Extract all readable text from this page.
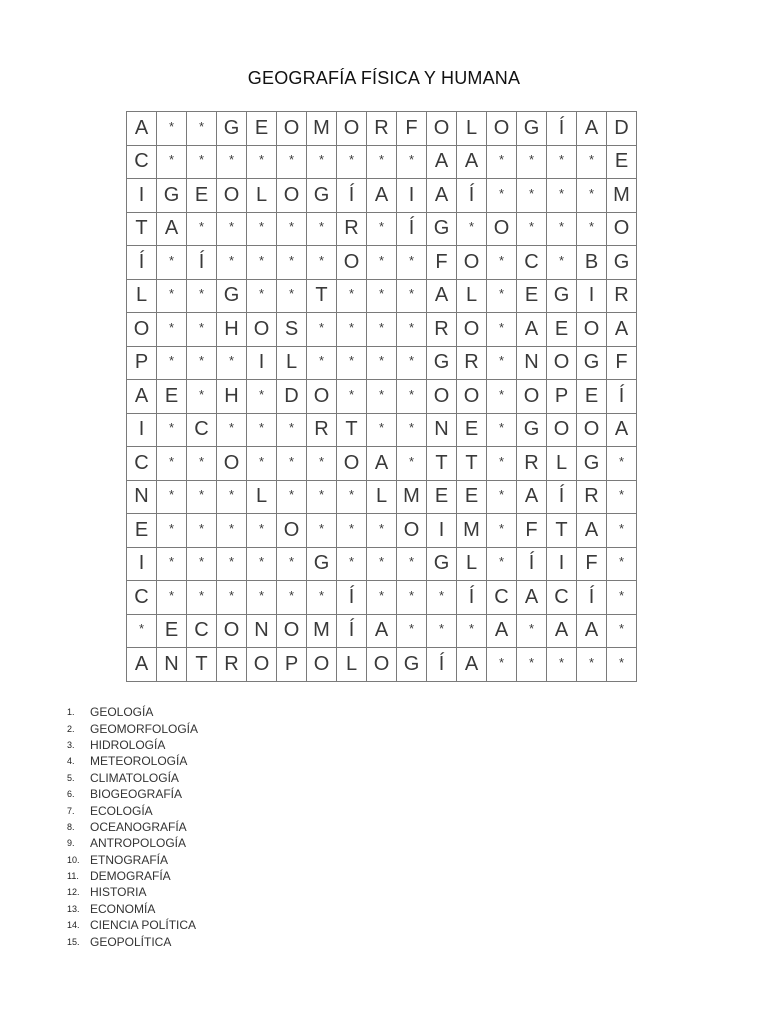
GEOGRAFÍA FÍSICA Y HUMANA
A	*	* G E O M O R F O L O G Í	A D
C	*	*	*	*	*	*	*	*	*	A A	*	*	*	*	E
I G E O L O G Í	A	I	A	Í	*	*	*	* M
T A	*	*	*	*	*	R	*	Í G	* O	*	*	* O
Í	*	Í	*	*	*	* O	*	*	F O	*	C	*	B G
L	*	* G	*	*	T	*	*	*	A L	*	E G I R
O	*	*	H O S	*	*	*	*	R O	*	A E O A
P	*	*	*	I	L	*	*	*	* G R	*	N O G F
A E	*	H	*	D O	*	*	* O O	* O P E	Í
I	*	C	*	*	*	R T	*	*	N E	* G O O A
C	*	* O	*	*	* O A	*	T T	*	R L G	*
N	*	*	*	L	*	*	*	L M E E	*	A	Í R	*
E	*	*	*	* O	*	*	* O I M	*	F T A	*
I	*	*	*	*	* G	*	*	* G L	*	Í	I	F	*
C	*	*	*	*	*	*	Í	*	*	*	Í C A C	Í	*
*	E C O N O M Í	A	*	*	*	A	*	A A	*
A N T R O P O L O G Í	A	*	*	*	*	*
1.	GEOLOGÍA
2.	GEOMORFOLOGÍA
3.	HIDROLOGÍA
4.	METEOROLOGÍA
5.	CLIMATOLOGÍA
6.	BIOGEOGRAFÍA
7.	ECOLOGÍA
8.	OCEANOGRAFÍA
9.	ANTROPOLOGÍA
10. ETNOGRAFÍA
11. DEMOGRAFÍA
12. HISTORIA
13. ECONOMÍA
14. CIENCIA POLÍTICA
15. GEOPOLÍTICA
